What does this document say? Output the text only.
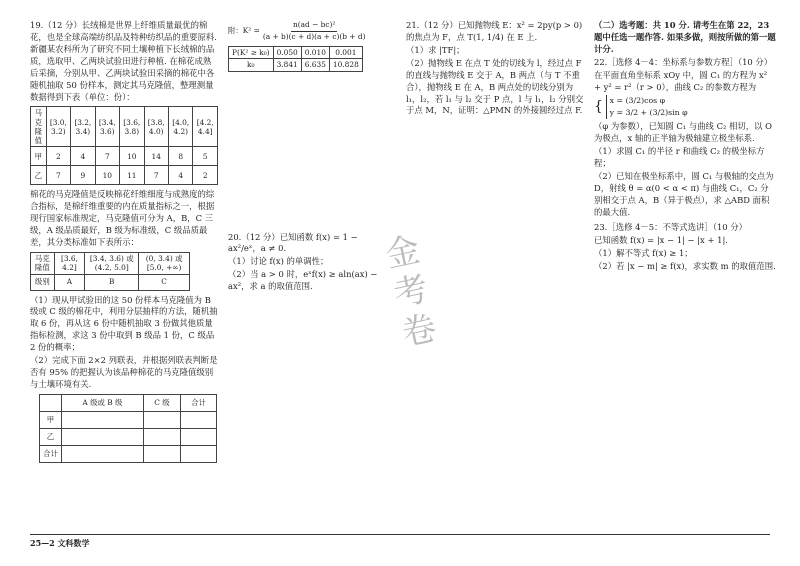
19.（12 分）长绒棉是世界上纤维质量最优的棉花，也是全球高端纺织品及特种纺织品的重要原料. 新疆某农科所为了研究不同土壤种植下长绒棉的品质，选取甲、乙两块试验田进行种植. 在棉花成熟后采摘，分别从甲、乙两块试验田采摘的棉花中各随机抽取 50 份样本，测定其马克隆值，整理测量数据得到下表（单位：份）：

马克隆值	[3.0, 3.2)	[3.2, 3.4)	[3.4, 3.6)	[3.6, 3.8)	[3.8, 4.0)	[4.0, 4.2)	[4.2, 4.4]
甲	2	4	7	10	14	8	5
乙	7	9	10	11	7	4	2

棉花的马克隆值是反映棉花纤维细度与成熟度的综合指标，是棉纤维重要的内在质量指标之一，根据现行国家标准规定，马克隆值可分为 A，B，C 三级，A 级品质最好，B 级为标准级，C 级品质最差，其分类标准如下表所示：

马克隆值	[3.6, 4.2]	[3.4, 3.6) 或 (4.2, 5.0]	(0, 3.4) 或 [5.0, +∞)
级别	A	B	C

（1）现从甲试验田的这 50 份样本马克隆值为 B 级或 C 级的棉花中，利用分层抽样的方法，随机抽取 6 份，再从这 6 份中随机抽取 3 份做其他质量指标检测，求这 3 份中取到 B 级品 1 份，C 级品 2 份的概率；

（2）完成下面 2×2 列联表，并根据列联表判断是否有 95% 的把握认为该品种棉花的马克隆值级别与土壤环境有关.

	A 级或 B 级	C 级	合计
甲			
乙			
合计			
附：$K^2 = \frac{\text{n(ad − bc)²}}{(a + b)(c + d)(a + c)(b + d)}$
P(K² ≥ k₀)	0.050	0.010	0.001
k₀	3.841	6.635	10.828

20.（12 分）已知函数 f(x) = 1 − ax²/eˣ，a ≠ 0.

（1）讨论 f(x) 的单调性；

（2）当 a > 0 时，eˣf(x) ≥ aln(ax) − ax²，求 a 的取值范围.

金
考
卷

21.（12 分）已知抛物线 E：x² = 2py(p > 0) 的焦点为 F，点 T(1, 1/4) 在 E 上.

（1）求 |TF|；

（2）抛物线 E 在点 T 处的切线为 l，经过点 F 的直线与抛物线 E 交于 A，B 两点（与 T 不重合），抛物线 E 在 A，B 两点处的切线分别为 l₁，l₂，若 l₁ 与 l₂ 交于 P 点，l 与 l₁，l₂ 分别交于点 M，N，证明：△PMN 的外接圆经过点 F.

（二）选考题：共 10 分. 请考生在第 22，23 题中任选一题作答. 如果多做，则按所做的第一题计分.

22.［选修 4－4：坐标系与参数方程］（10 分）

在平面直角坐标系 xOy 中，圆 C₁ 的方程为 x² + y² = r²（r > 0），曲线 C₂ 的参数方程为

{ x = (3/2)cos φ
y = 3/2 + (3/2)sin φ

（φ 为参数），已知圆 C₁ 与曲线 C₂ 相切，以 O 为极点，x 轴的正半轴为极轴建立极坐标系.

（1）求圆 C₁ 的半径 r 和曲线 C₂ 的极坐标方程；

（2）已知在极坐标系中，圆 C₁ 与极轴的交点为 D，射线 θ = α(0 < α < π) 与曲线 C₁，C₂ 分别相交于点 A，B（异于极点），求 △ABD 面积的最大值.

23.［选修 4－5：不等式选讲］（10 分）

已知函数 f(x) = |x − 1| − |x + 1|.

（1）解不等式 f(x) ≥ 1；

（2）若 |x − m| ≥ f(x)，求实数 m 的取值范围.

25—2 文科数学
